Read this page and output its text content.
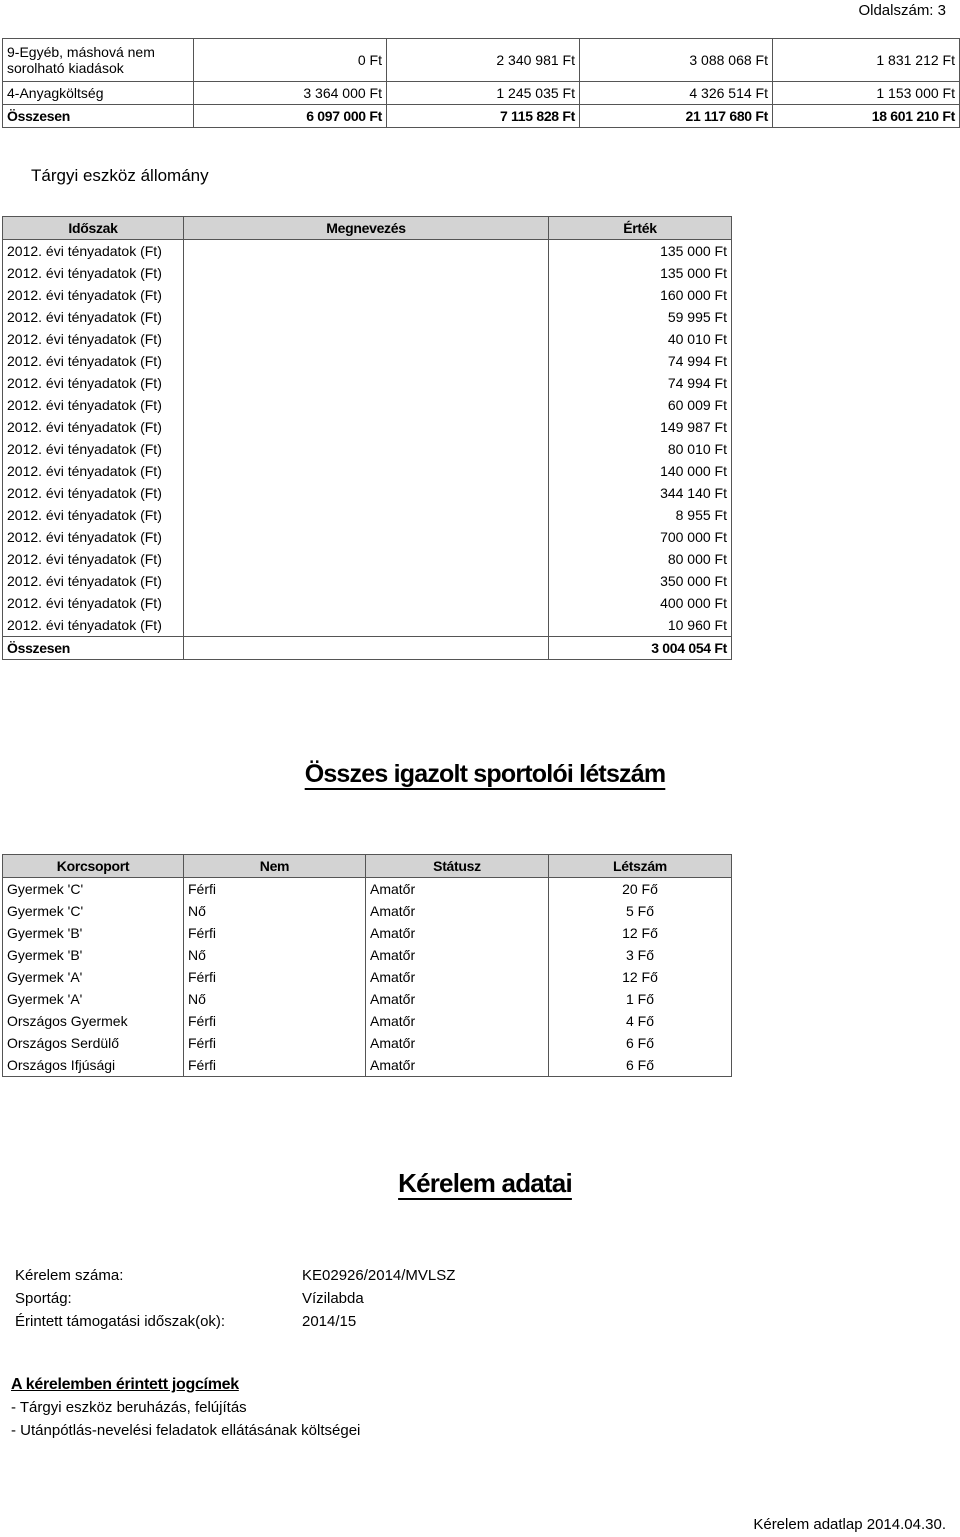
Oldalszám: 3
9-Egyéb, máshová nem sorolható kiadások	0 Ft	2 340 981 Ft	3 088 068 Ft	1 831 212 Ft
4-Anyagköltség	3 364 000 Ft	1 245 035 Ft	4 326 514 Ft	1 153 000 Ft
Összesen	6 097 000 Ft	7 115 828 Ft	21 117 680 Ft	18 601 210 Ft
Tárgyi eszköz állomány
Időszak	Megnevezés	Érték
2012. évi tényadatok (Ft)		135 000 Ft
2012. évi tényadatok (Ft)		135 000 Ft
2012. évi tényadatok (Ft)		160 000 Ft
2012. évi tényadatok (Ft)		59 995 Ft
2012. évi tényadatok (Ft)		40 010 Ft
2012. évi tényadatok (Ft)		74 994 Ft
2012. évi tényadatok (Ft)		74 994 Ft
2012. évi tényadatok (Ft)		60 009 Ft
2012. évi tényadatok (Ft)		149 987 Ft
2012. évi tényadatok (Ft)		80 010 Ft
2012. évi tényadatok (Ft)		140 000 Ft
2012. évi tényadatok (Ft)		344 140 Ft
2012. évi tényadatok (Ft)		8 955 Ft
2012. évi tényadatok (Ft)		700 000 Ft
2012. évi tényadatok (Ft)		80 000 Ft
2012. évi tényadatok (Ft)		350 000 Ft
2012. évi tényadatok (Ft)		400 000 Ft
2012. évi tényadatok (Ft)		10 960 Ft
Összesen		3 004 054 Ft
Összes igazolt sportolói létszám
Korcsoport	Nem	Státusz	Létszám
Gyermek 'C'	Férfi	Amatőr	20 Fő
Gyermek 'C'	Nő	Amatőr	5 Fő
Gyermek 'B'	Férfi	Amatőr	12 Fő
Gyermek 'B'	Nő	Amatőr	3 Fő
Gyermek 'A'	Férfi	Amatőr	12 Fő
Gyermek 'A'	Nő	Amatőr	1 Fő
Országos Gyermek	Férfi	Amatőr	4 Fő
Országos Serdülő	Férfi	Amatőr	6 Fő
Országos Ifjúsági	Férfi	Amatőr	6 Fő
Kérelem adatai
Kérelem száma:	KE02926/2014/MVLSZ
Sportág:	Vízilabda
Érintett támogatási időszak(ok):	2014/15
A kérelemben érintett jogcímek
- Tárgyi eszköz beruházás, felújítás
- Utánpótlás-nevelési feladatok ellátásának költségei
Kérelem adatlap 2014.04.30.
